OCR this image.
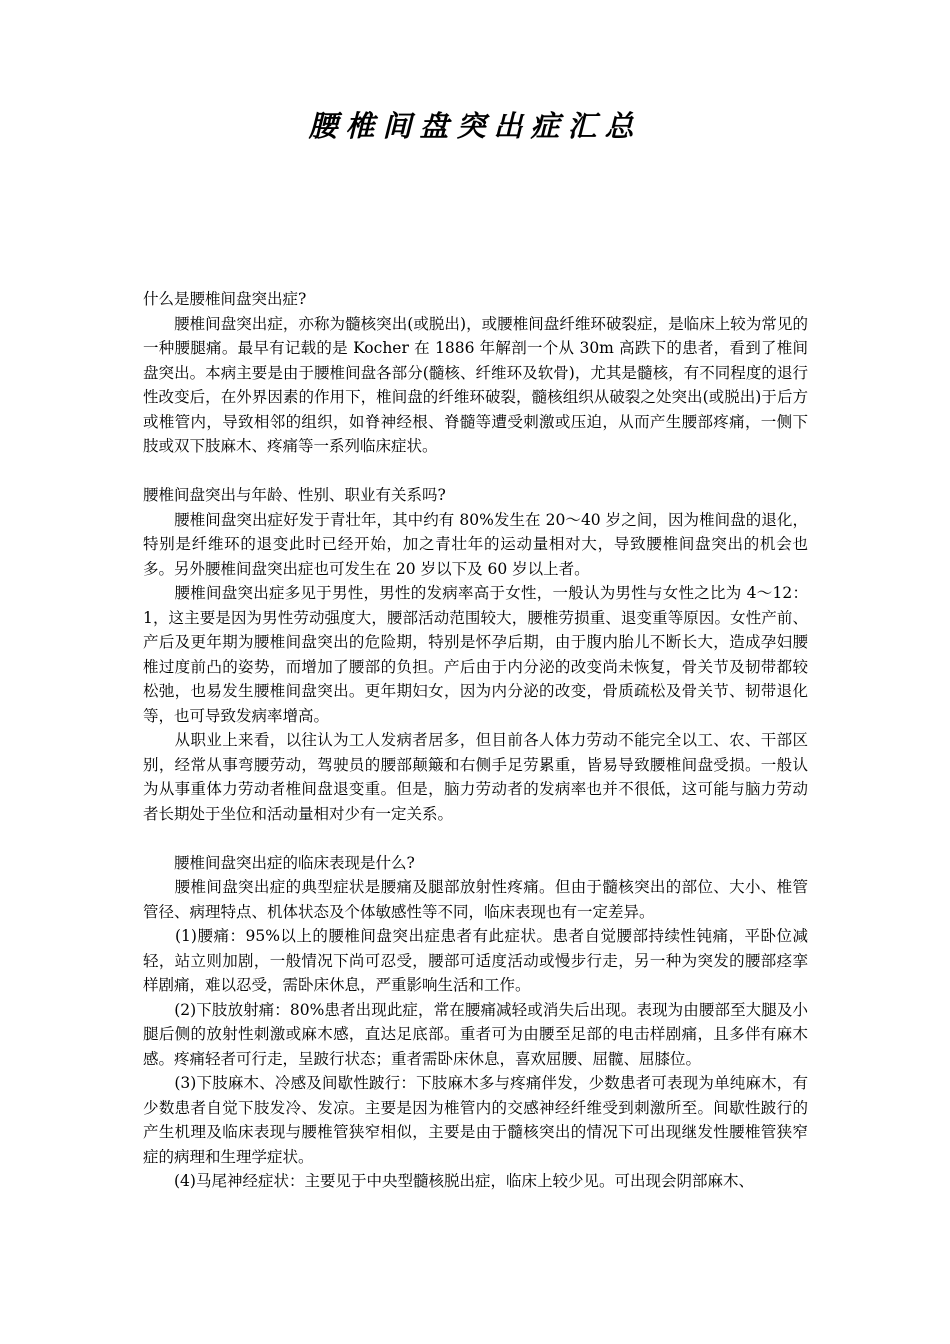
腰椎间盘突出症汇总

什么是腰椎间盘突出症?

　　腰椎间盘突出症，亦称为髓核突出(或脱出)，或腰椎间盘纤维环破裂症，是临床上较为常见的一种腰腿痛。最早有记载的是 Kocher 在 1886 年解剖一个从 30m 高跌下的患者，看到了椎间盘突出。本病主要是由于腰椎间盘各部分(髓核、纤维环及软骨)，尤其是髓核，有不同程度的退行性改变后，在外界因素的作用下，椎间盘的纤维环破裂，髓核组织从破裂之处突出(或脱出)于后方或椎管内，导致相邻的组织，如脊神经根、脊髓等遭受刺激或压迫，从而产生腰部疼痛，一侧下肢或双下肢麻木、疼痛等一系列临床症状。

腰椎间盘突出与年龄、性别、职业有关系吗?

　　腰椎间盘突出症好发于青壮年，其中约有 80%发生在 20～40 岁之间，因为椎间盘的退化，特别是纤维环的退变此时已经开始，加之青壮年的运动量相对大，导致腰椎间盘突出的机会也多。另外腰椎间盘突出症也可发生在 20 岁以下及 60 岁以上者。

　　腰椎间盘突出症多见于男性，男性的发病率高于女性，一般认为男性与女性之比为 4～12：1，这主要是因为男性劳动强度大，腰部活动范围较大，腰椎劳损重、退变重等原因。女性产前、产后及更年期为腰椎间盘突出的危险期，特别是怀孕后期，由于腹内胎儿不断长大，造成孕妇腰椎过度前凸的姿势，而增加了腰部的负担。产后由于内分泌的改变尚未恢复，骨关节及韧带都较松弛，也易发生腰椎间盘突出。更年期妇女，因为内分泌的改变，骨质疏松及骨关节、韧带退化等，也可导致发病率增高。

　　从职业上来看，以往认为工人发病者居多，但目前各人体力劳动不能完全以工、农、干部区别，经常从事弯腰劳动，驾驶员的腰部颠簸和右侧手足劳累重，皆易导致腰椎间盘受损。一般认为从事重体力劳动者椎间盘退变重。但是，脑力劳动者的发病率也并不很低，这可能与脑力劳动者长期处于坐位和活动量相对少有一定关系。

　　腰椎间盘突出症的临床表现是什么?

　　腰椎间盘突出症的典型症状是腰痛及腿部放射性疼痛。但由于髓核突出的部位、大小、椎管管径、病理特点、机体状态及个体敏感性等不同，临床表现也有一定差异。

　　(1)腰痛：95%以上的腰椎间盘突出症患者有此症状。患者自觉腰部持续性钝痛，平卧位减轻，站立则加剧，一般情况下尚可忍受，腰部可适度活动或慢步行走，另一种为突发的腰部痉挛样剧痛，难以忍受，需卧床休息，严重影响生活和工作。

　　(2)下肢放射痛：80%患者出现此症，常在腰痛减轻或消失后出现。表现为由腰部至大腿及小腿后侧的放射性刺激或麻木感，直达足底部。重者可为由腰至足部的电击样剧痛，且多伴有麻木感。疼痛轻者可行走，呈跛行状态；重者需卧床休息，喜欢屈腰、屈髋、屈膝位。

　　(3)下肢麻木、冷感及间歇性跛行：下肢麻木多与疼痛伴发，少数患者可表现为单纯麻木，有少数患者自觉下肢发冷、发凉。主要是因为椎管内的交感神经纤维受到刺激所至。间歇性跛行的产生机理及临床表现与腰椎管狭窄相似，主要是由于髓核突出的情况下可出现继发性腰椎管狭窄症的病理和生理学症状。

　　(4)马尾神经症状：主要见于中央型髓核脱出症，临床上较少见。可出现会阴部麻木、
